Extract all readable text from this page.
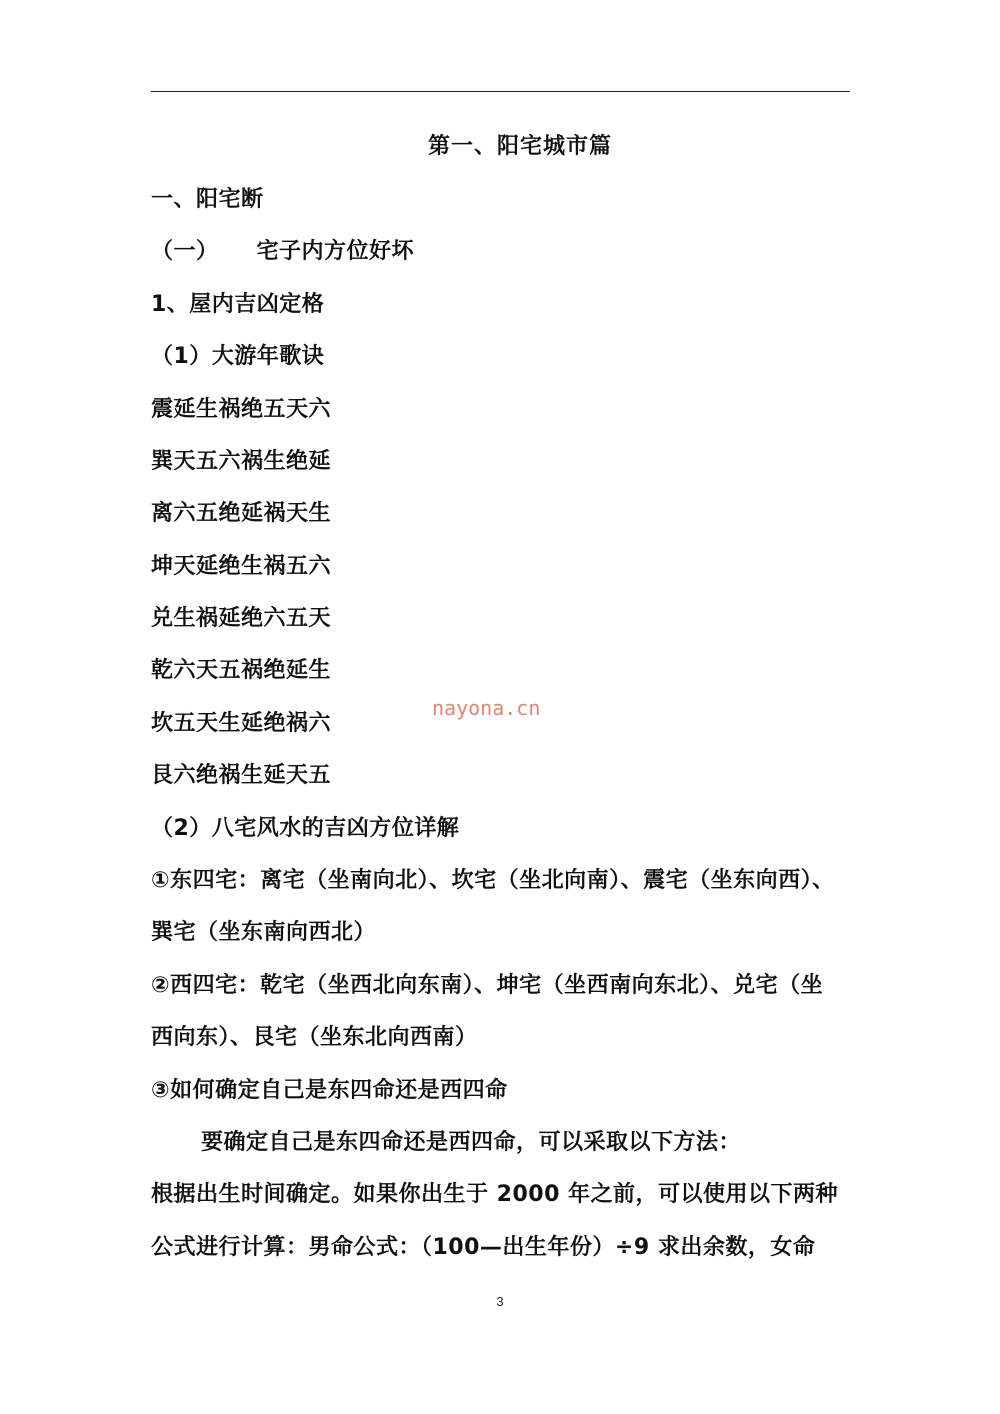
第一、阳宅城市篇
一、阳宅断
（一） 宅子内方位好坏
1、屋内吉凶定格
（1）大游年歌诀
震延生祸绝五天六
巽天五六祸生绝延
离六五绝延祸天生
坤天延绝生祸五六
兑生祸延绝六五天
乾六天五祸绝延生
坎五天生延绝祸六
艮六绝祸生延天五
（2）八宅风水的吉凶方位详解
①东四宅：离宅（坐南向北）、坎宅（坐北向南）、震宅（坐东向西）、
巽宅（坐东南向西北）
②西四宅：乾宅（坐西北向东南）、坤宅（坐西南向东北）、兑宅（坐
西向东）、艮宅（坐东北向西南）
③如何确定自己是东四命还是西四命
要确定自己是东四命还是西四命，可以采取以下方法：
根据出生时间确定。如果你出生于 2000 年之前，可以使用以下两种
公式进行计算：男命公式：（100—出生年份）÷9 求出余数，女命
nayona.cn
3
